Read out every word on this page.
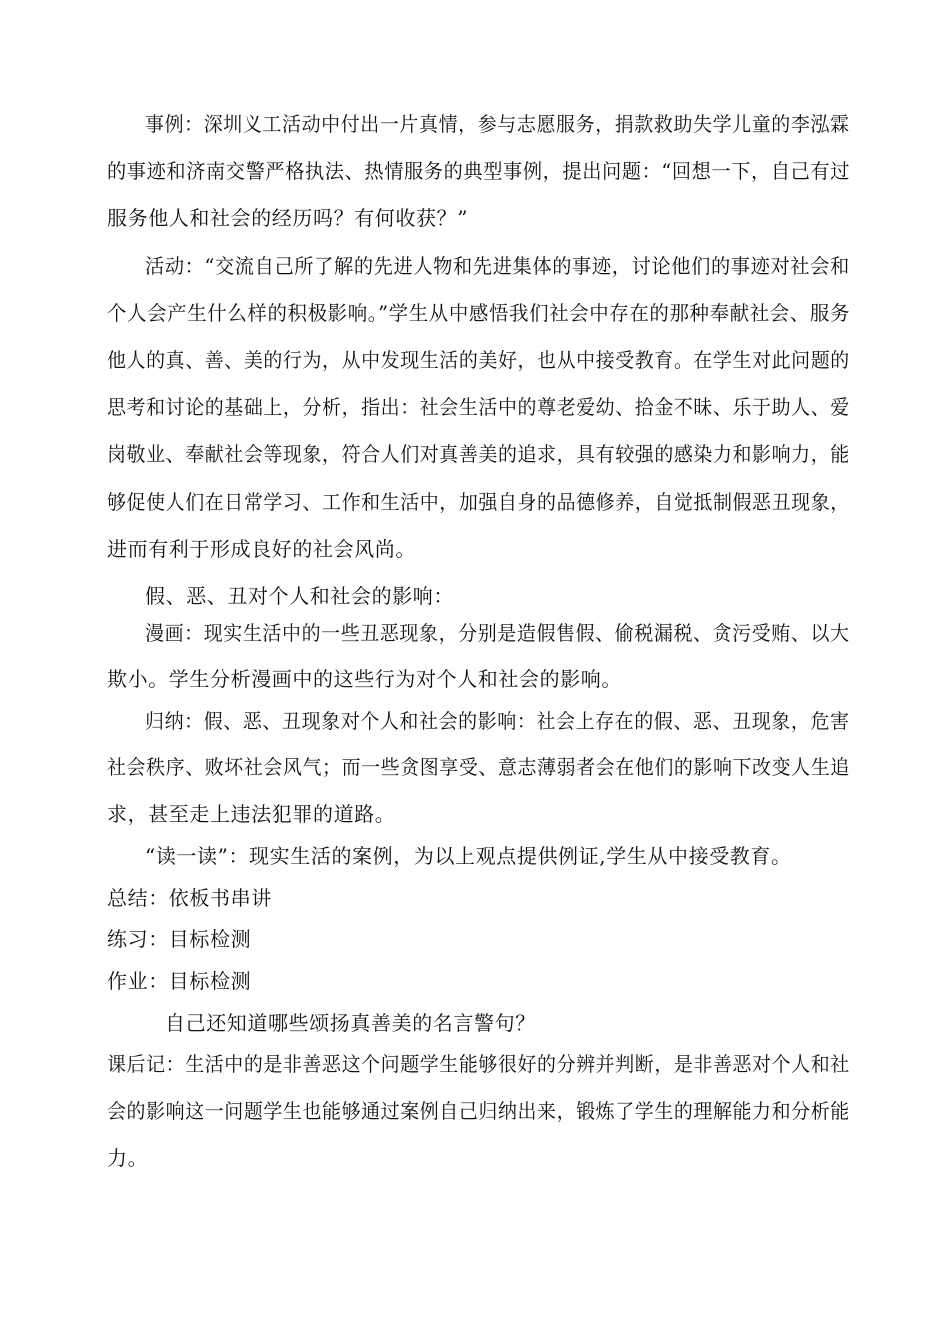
事例：深圳义工活动中付出一片真情，参与志愿服务，捐款救助失学儿童的李泓霖
的事迹和济南交警严格执法、热情服务的典型事例，提出问题：“回想一下，自己有过
服务他人和社会的经历吗？有何收获？”
活动：“交流自己所了解的先进人物和先进集体的事迹，讨论他们的事迹对社会和
个人会产生什么样的积极影响。”学生从中感悟我们社会中存在的那种奉献社会、服务
他人的真、善、美的行为，从中发现生活的美好，也从中接受教育。在学生对此问题的
思考和讨论的基础上，分析，指出：社会生活中的尊老爱幼、拾金不昧、乐于助人、爱
岗敬业、奉献社会等现象，符合人们对真善美的追求，具有较强的感染力和影响力，能
够促使人们在日常学习、工作和生活中，加强自身的品德修养，自觉抵制假恶丑现象，
进而有利于形成良好的社会风尚。
假、恶、丑对个人和社会的影响：
漫画：现实生活中的一些丑恶现象，分别是造假售假、偷税漏税、贪污受贿、以大
欺小。学生分析漫画中的这些行为对个人和社会的影响。
归纳：假、恶、丑现象对个人和社会的影响：社会上存在的假、恶、丑现象，危害
社会秩序、败坏社会风气；而一些贪图享受、意志薄弱者会在他们的影响下改变人生追
求，甚至走上违法犯罪的道路。
“读一读”：现实生活的案例，为以上观点提供例证,学生从中接受教育。
总结：依板书串讲
练习：目标检测
作业：目标检测
自己还知道哪些颂扬真善美的名言警句？
课后记：生活中的是非善恶这个问题学生能够很好的分辨并判断，是非善恶对个人和社
会的影响这一问题学生也能够通过案例自己归纳出来，锻炼了学生的理解能力和分析能
力。
